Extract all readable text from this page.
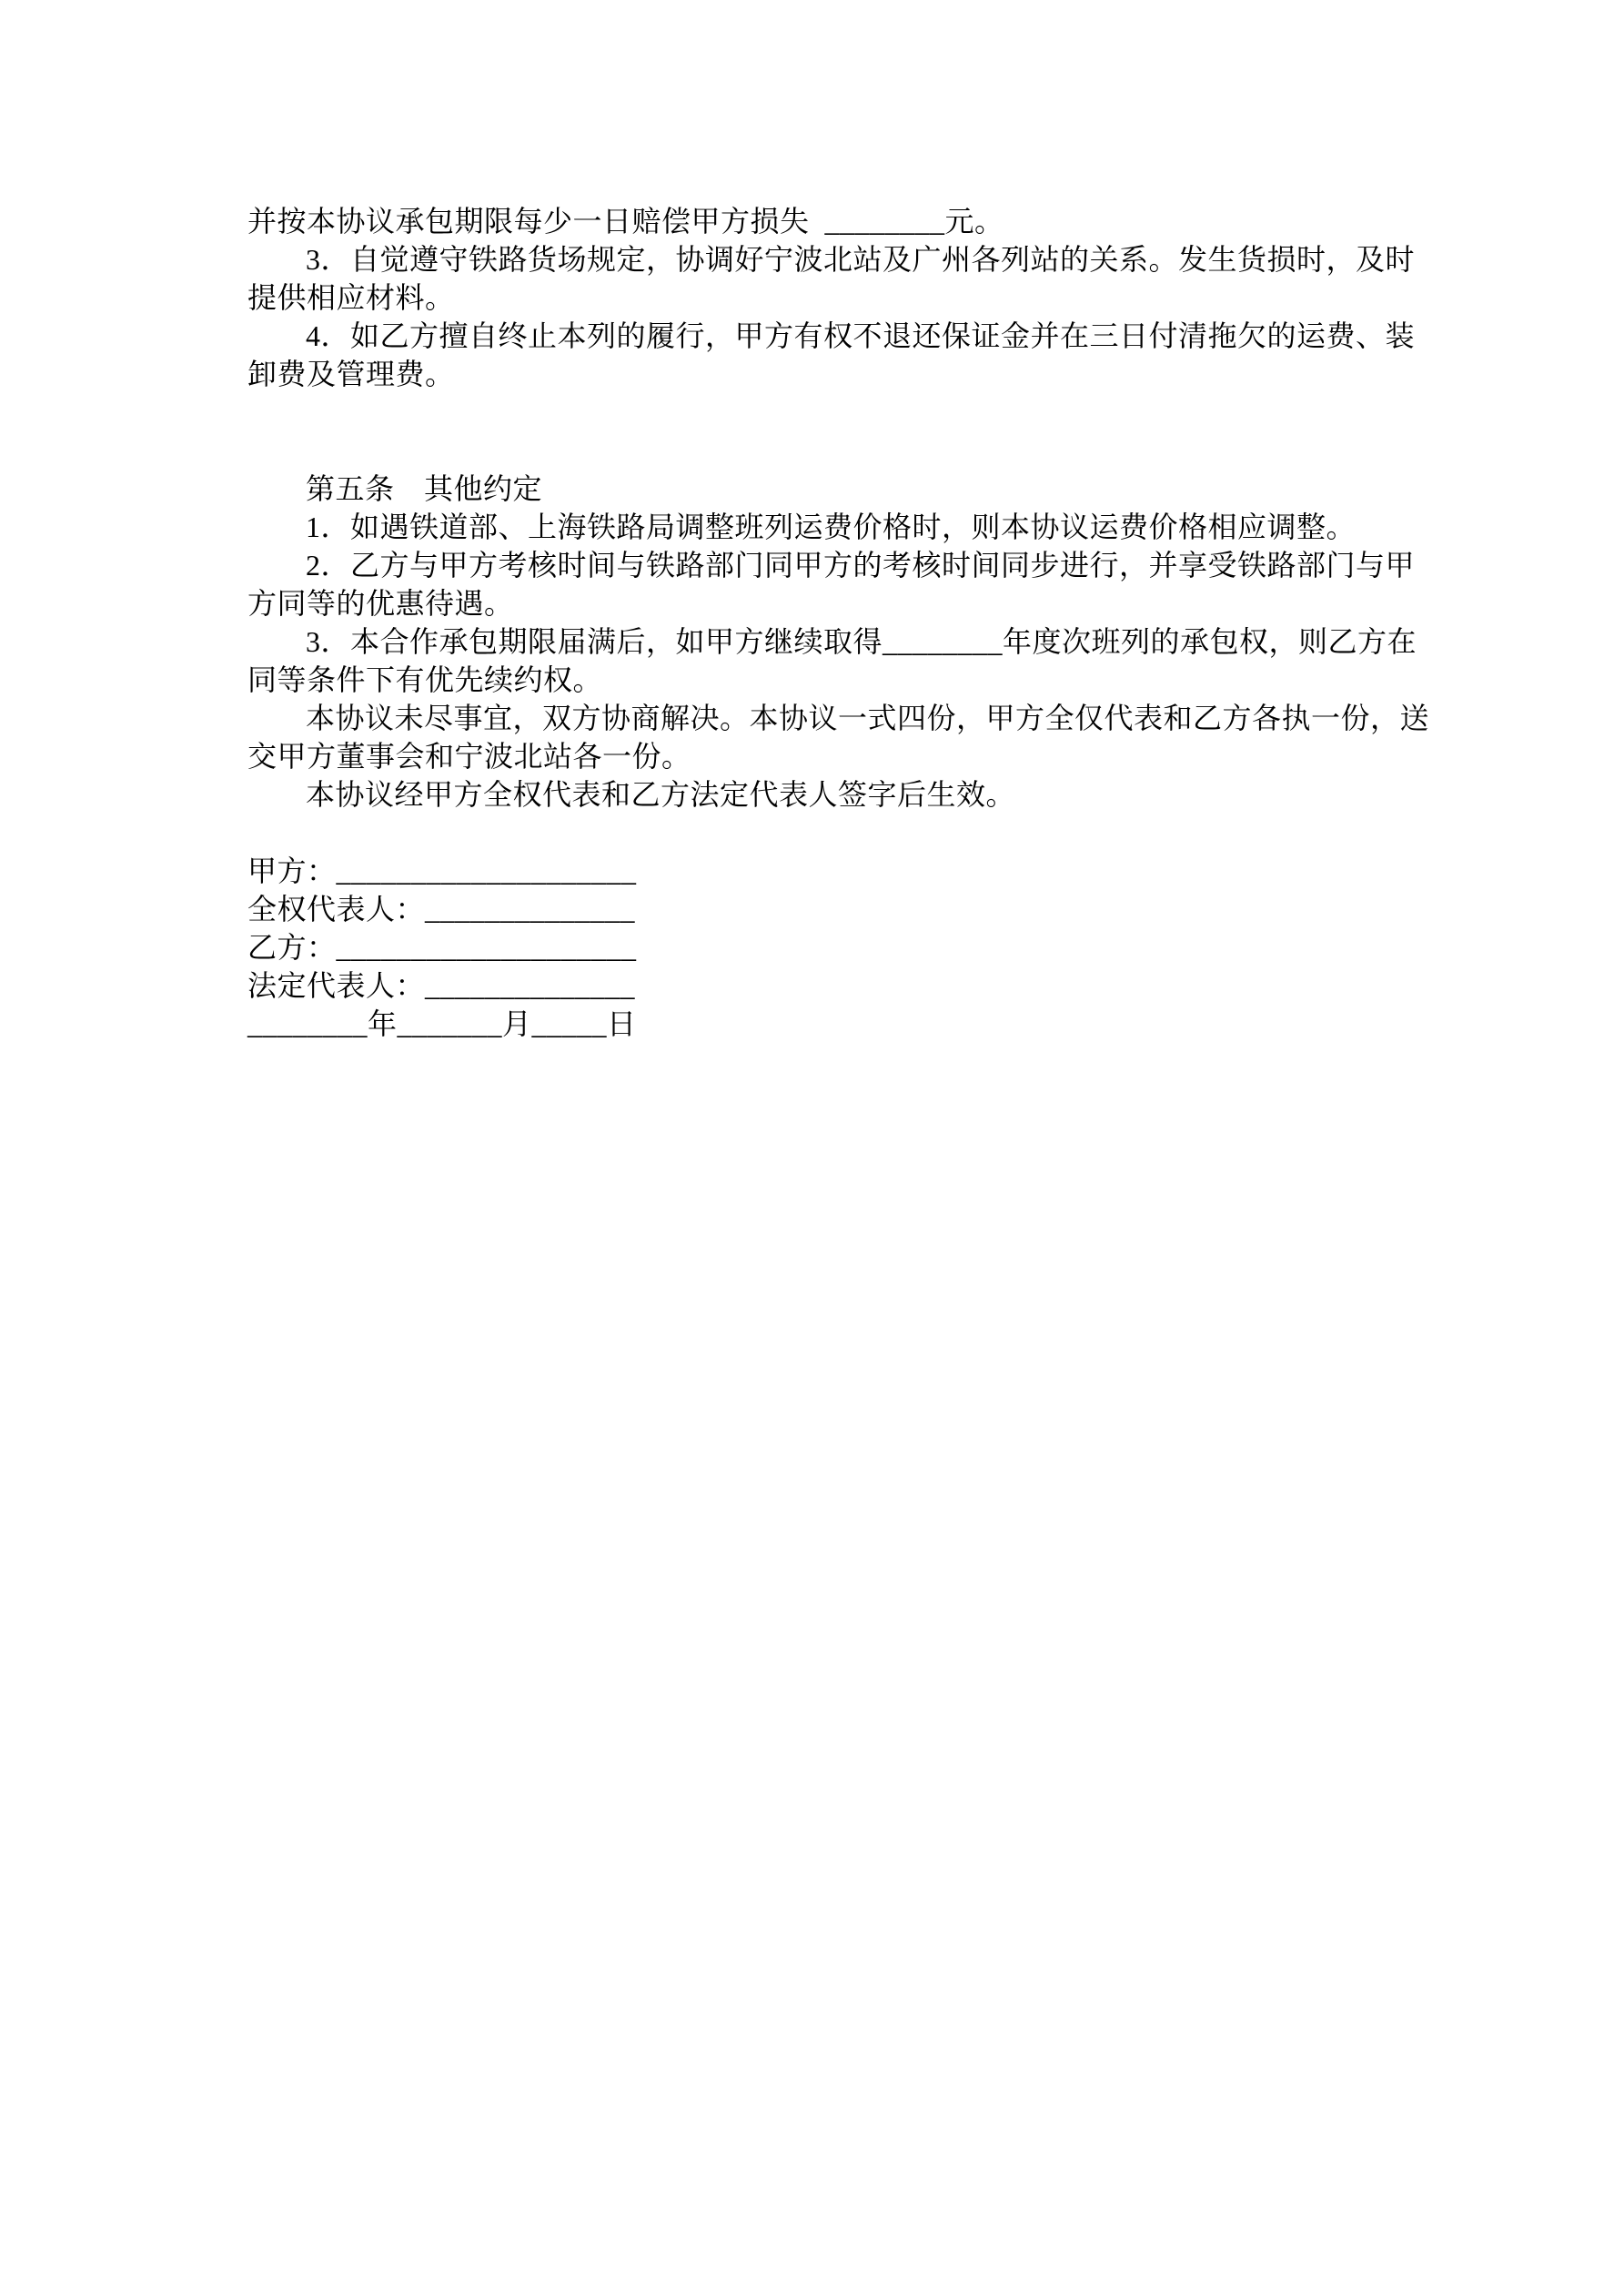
并按本协议承包期限每少一日赔偿甲方损失  ________元。
3．自觉遵守铁路货场规定，协调好宁波北站及广州各列站的关系。发生货损时，及时
提供相应材料。
4．如乙方擅自终止本列的履行，甲方有权不退还保证金并在三日付清拖欠的运费、装
卸费及管理费。

第五条　其他约定
1．如遇铁道部、上海铁路局调整班列运费价格时，则本协议运费价格相应调整。
2．乙方与甲方考核时间与铁路部门同甲方的考核时间同步进行，并享受铁路部门与甲
方同等的优惠待遇。
3．本合作承包期限届满后，如甲方继续取得________年度次班列的承包权，则乙方在
同等条件下有优先续约权。
本协议未尽事宜，双方协商解决。本协议一式四份，甲方全仅代表和乙方各执一份，送
交甲方董事会和宁波北站各一份。
本协议经甲方全权代表和乙方法定代表人签字后生效。

甲方：____________________
全权代表人：______________
乙方：____________________
法定代表人：______________
________年_______月_____日
